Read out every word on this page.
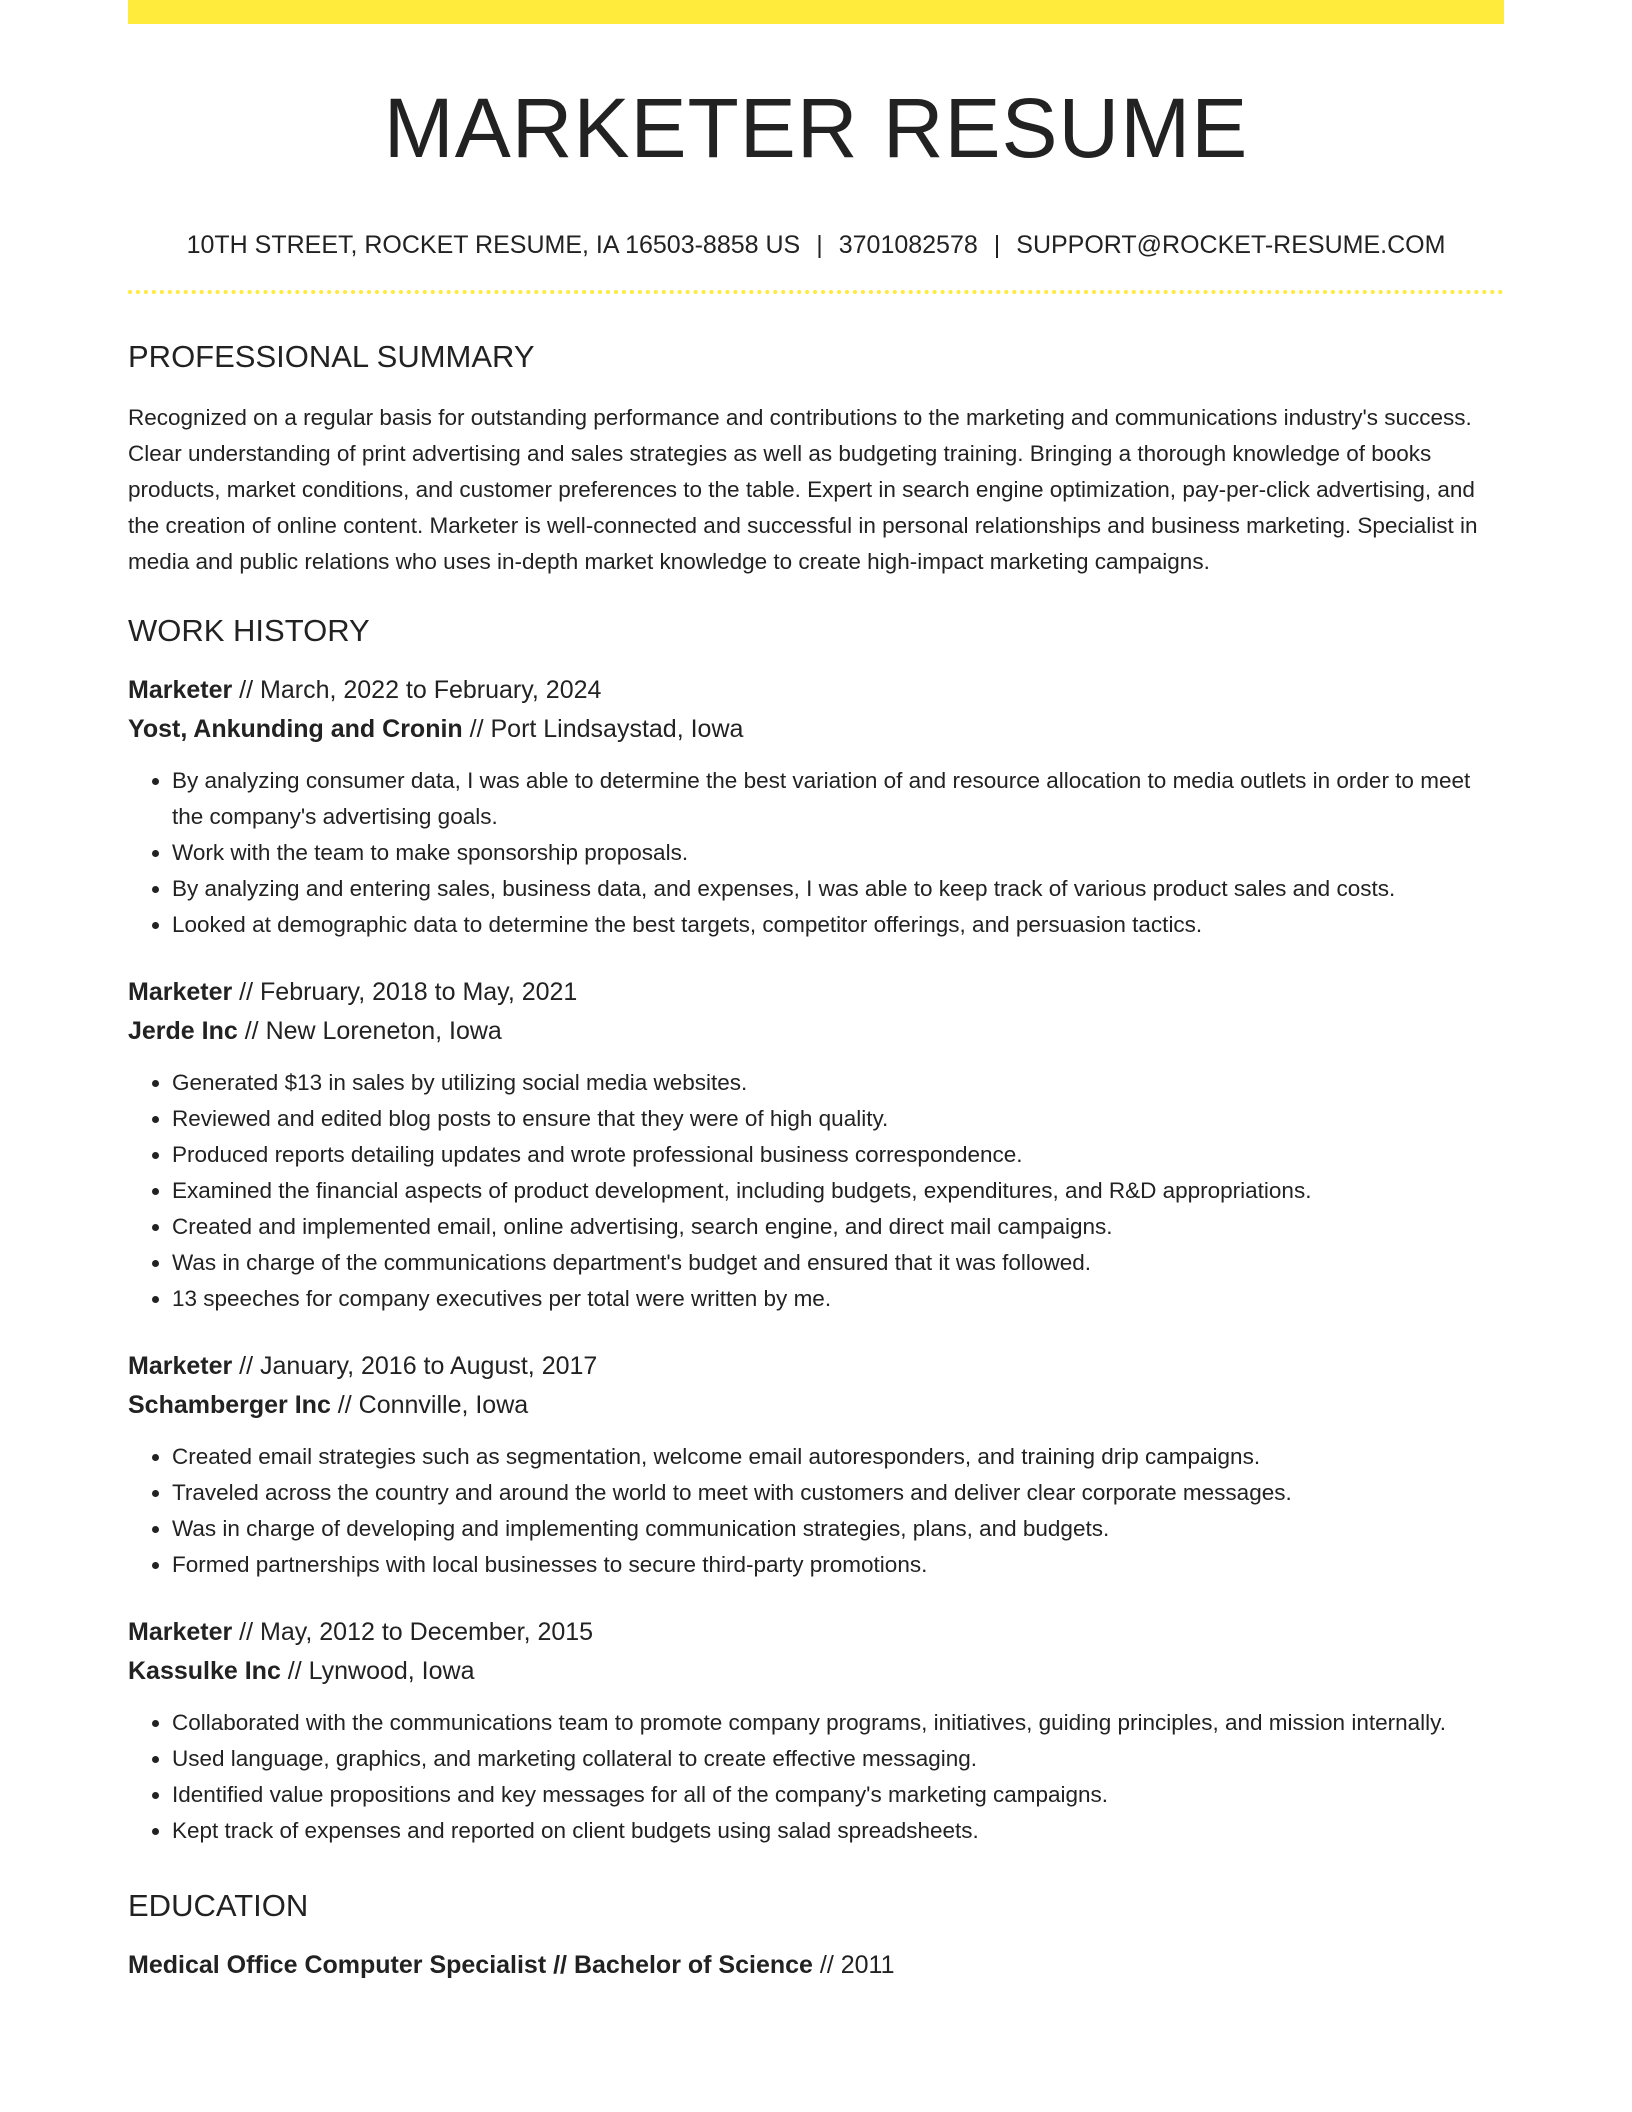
MARKETER RESUME
10TH STREET, ROCKET RESUME, IA 16503-8858 US | 3701082578 | SUPPORT@ROCKET-RESUME.COM
PROFESSIONAL SUMMARY
Recognized on a regular basis for outstanding performance and contributions to the marketing and communications industry's success. Clear understanding of print advertising and sales strategies as well as budgeting training. Bringing a thorough knowledge of books products, market conditions, and customer preferences to the table. Expert in search engine optimization, pay-per-click advertising, and the creation of online content. Marketer is well-connected and successful in personal relationships and business marketing. Specialist in media and public relations who uses in-depth market knowledge to create high-impact marketing campaigns.
WORK HISTORY
Marketer // March, 2022 to February, 2024
Yost, Ankunding and Cronin // Port Lindsaystad, Iowa
• By analyzing consumer data, I was able to determine the best variation of and resource allocation to media outlets in order to meet the company's advertising goals.
• Work with the team to make sponsorship proposals.
• By analyzing and entering sales, business data, and expenses, I was able to keep track of various product sales and costs.
• Looked at demographic data to determine the best targets, competitor offerings, and persuasion tactics.
Marketer // February, 2018 to May, 2021
Jerde Inc // New Loreneton, Iowa
• Generated $13 in sales by utilizing social media websites.
• Reviewed and edited blog posts to ensure that they were of high quality.
• Produced reports detailing updates and wrote professional business correspondence.
• Examined the financial aspects of product development, including budgets, expenditures, and R&D appropriations.
• Created and implemented email, online advertising, search engine, and direct mail campaigns.
• Was in charge of the communications department's budget and ensured that it was followed.
• 13 speeches for company executives per total were written by me.
Marketer // January, 2016 to August, 2017
Schamberger Inc // Connville, Iowa
• Created email strategies such as segmentation, welcome email autoresponders, and training drip campaigns.
• Traveled across the country and around the world to meet with customers and deliver clear corporate messages.
• Was in charge of developing and implementing communication strategies, plans, and budgets.
• Formed partnerships with local businesses to secure third-party promotions.
Marketer // May, 2012 to December, 2015
Kassulke Inc // Lynwood, Iowa
• Collaborated with the communications team to promote company programs, initiatives, guiding principles, and mission internally.
• Used language, graphics, and marketing collateral to create effective messaging.
• Identified value propositions and key messages for all of the company's marketing campaigns.
• Kept track of expenses and reported on client budgets using salad spreadsheets.
EDUCATION
Medical Office Computer Specialist // Bachelor of Science // 2011
